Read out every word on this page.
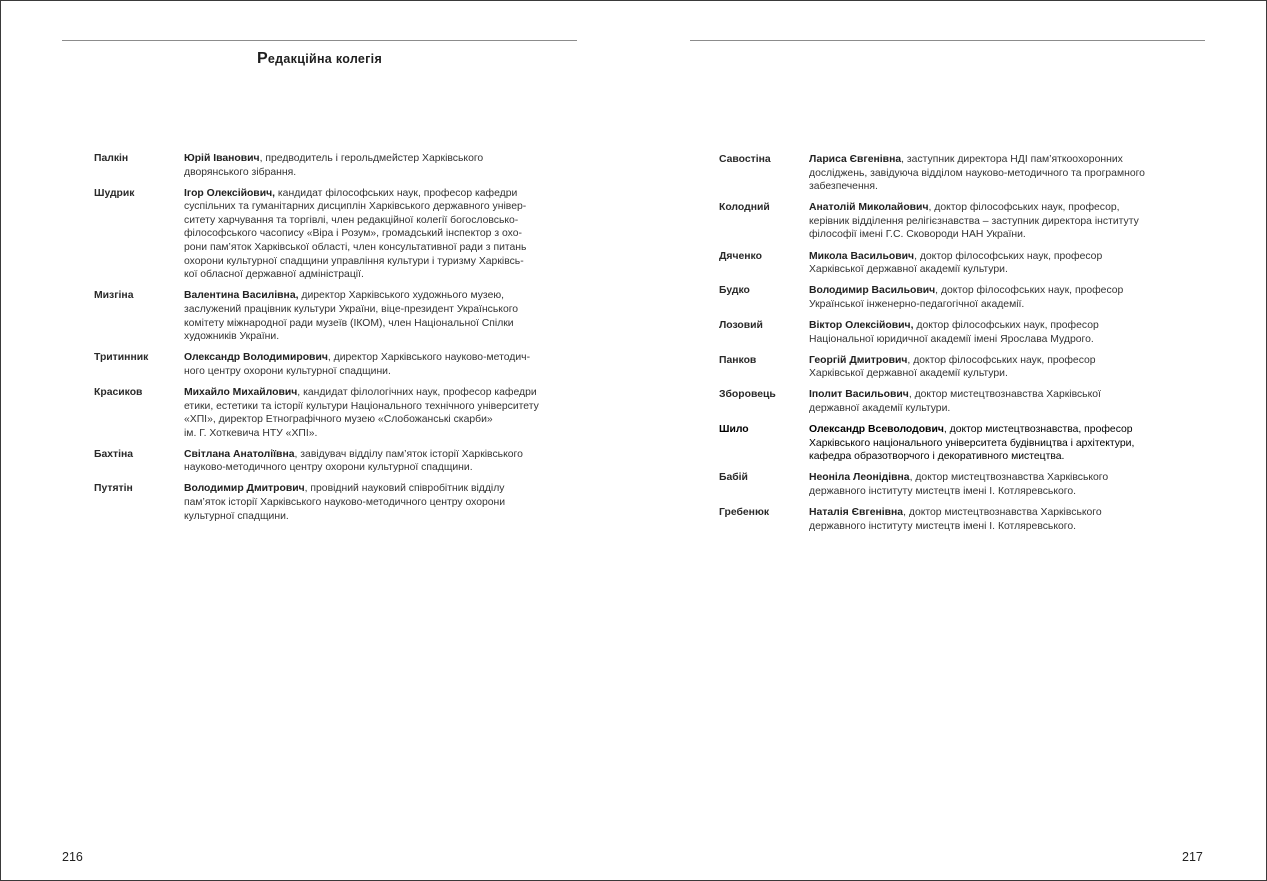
Редакційна колегія
Палкін	Юрій Іванович, предводитель і герольдмейстер Харківського
дворянського зібрання.
Шудрик	Ігор Олексійович, кандидат філософських наук, професор кафедри
суспільних та гуманітарних дисциплін Харківського державного універ-
ситету харчування та торгівлі, член редакційної колегії богословсько-
філософського часопису «Віра і Розум», громадський інспектор з охо-
рони пам’яток Харківської області, член консультативної ради з питань
охорони культурної спадщини управління культури і туризму Харківсь-
кої обласної державної адміністрації.
Мизгіна	Валентина Василівна, директор Харківського художнього музею,
заслужений працівник культури України, віце-президент Українського
комітету міжнародної ради музеїв (ІКОМ), член Національної Спілки
художників України.
Тритинник	Олександр Володимирович, директор Харківського науково-методич-
ного центру охорони культурної спадщини.
Красиков	Михайло Михайлович, кандидат філологічних наук, професор кафедри
етики, естетики та історії культури Національного технічного університету
«ХПІ», директор Етнографічного музею «Слобожанські скарби»
ім. Г. Хоткевича НТУ «ХПІ».
Бахтіна	Світлана Анатоліївна, завідувач відділу пам’яток історії Харківського
науково-методичного центру охорони культурної спадщини.
Путятін	Володимир Дмитрович, провідний науковий співробітник відділу
пам’яток історії Харківського науково-методичного центру охорони
культурної спадщини.
Савостіна	Лариса Євгенівна, заступник директора НДІ пам’яткоохоронних
досліджень, завідуюча відділом науково-методичного та програмного
забезпечення.
Колодний	Анатолій Миколайович, доктор філософських наук, професор,
керівник відділення релігієзнавства – заступник директора інституту
філософії імені Г.С. Сковороди НАН України.
Дяченко	Микола Васильович, доктор філософських наук, професор
Харківської державної академії культури.
Будко	Володимир Васильович, доктор філософських наук, професор
Української інженерно-педагогічної академії.
Лозовий	Віктор Олексійович, доктор філософських наук, професор
Національної юридичної академії імені Ярослава Мудрого.
Панков	Георгій Дмитрович, доктор філософських наук, професор
Харківської державної академії культури.
Зборовець	Іполит Васильович, доктор мистецтвознавства Харківської
державної академії культури.
Шило	Олександр Всеволодович, доктор мистецтвознавства, професор
Харківського національного університета будівництва і архітектури,
кафедра образотворчого і декоративного мистецтва.
Бабій	Неоніла Леонідівна, доктор мистецтвознавства Харківського
державного інституту мистецтв імені І. Котляревського.
Гребенюк	Наталія Євгенівна, доктор мистецтвознавства Харківського
державного інституту мистецтв імені І. Котляревського.
216	217
